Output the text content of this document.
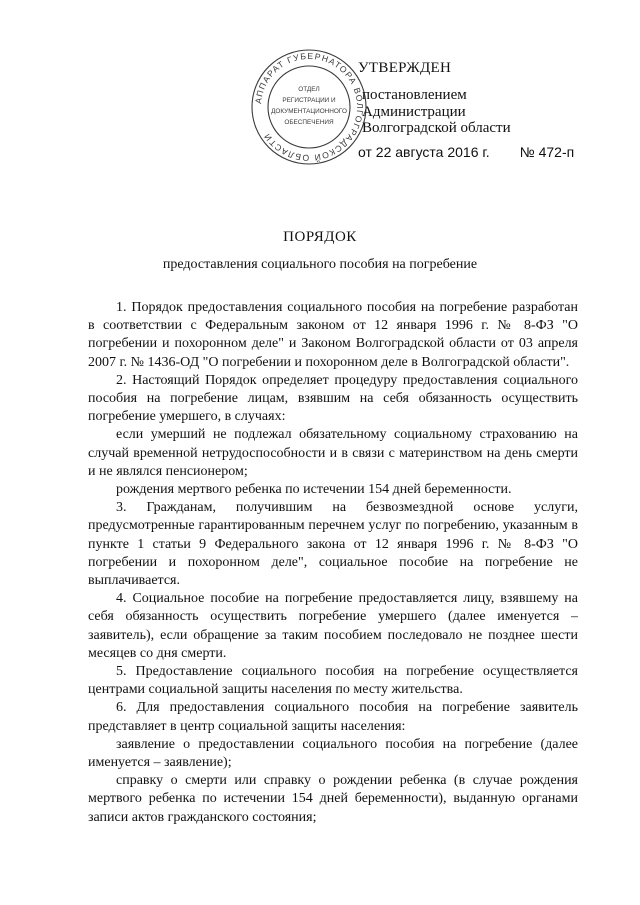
АППАРАТ ГУБЕРНАТОРА ВОЛГОГРАДСКОЙ ОБЛАСТИ
ОТДЕЛ
РЕГИСТРАЦИИ И
ДОКУМЕНТАЦИОННОГО
ОБЕСПЕЧЕНИЯ
УТВЕРЖДЕН
постановлением
Администрации
Волгоградской области
от 22 августа 2016 г. № 472-п
ПОРЯДОК
предоставления социального пособия на погребение

1. Порядок предоставления социального пособия на погребение разработан в соответствии с Федеральным законом от 12 января 1996 г. № 8-ФЗ "О погребении и похоронном деле" и Законом Волгоградской области от 03 апреля 2007 г. № 1436-ОД "О погребении и похоронном деле в Волгоградской области".

2. Настоящий Порядок определяет процедуру предоставления социального пособия на погребение лицам, взявшим на себя обязанность осуществить погребение умершего, в случаях:

если умерший не подлежал обязательному социальному страхованию на случай временной нетрудоспособности и в связи с материнством на день смерти и не являлся пенсионером;

рождения мертвого ребенка по истечении 154 дней беременности.

3. Гражданам, получившим на безвозмездной основе услуги, предусмотренные гарантированным перечнем услуг по погребению, указанным в пункте 1 статьи 9 Федерального закона от 12 января 1996 г. № 8-ФЗ "О погребении и похоронном деле", социальное пособие на погребение не выплачивается.

4. Социальное пособие на погребение предоставляется лицу, взявшему на себя обязанность осуществить погребение умершего (далее именуется – заявитель), если обращение за таким пособием последовало не позднее шести месяцев со дня смерти.

5. Предоставление социального пособия на погребение осуществляется центрами социальной защиты населения по месту жительства.

6. Для предоставления социального пособия на погребение заявитель представляет в центр социальной защиты населения:

заявление о предоставлении социального пособия на погребение (далее именуется – заявление);

справку о смерти или справку о рождении ребенка (в случае рождения мертвого ребенка по истечении 154 дней беременности), выданную органами записи актов гражданского состояния;
